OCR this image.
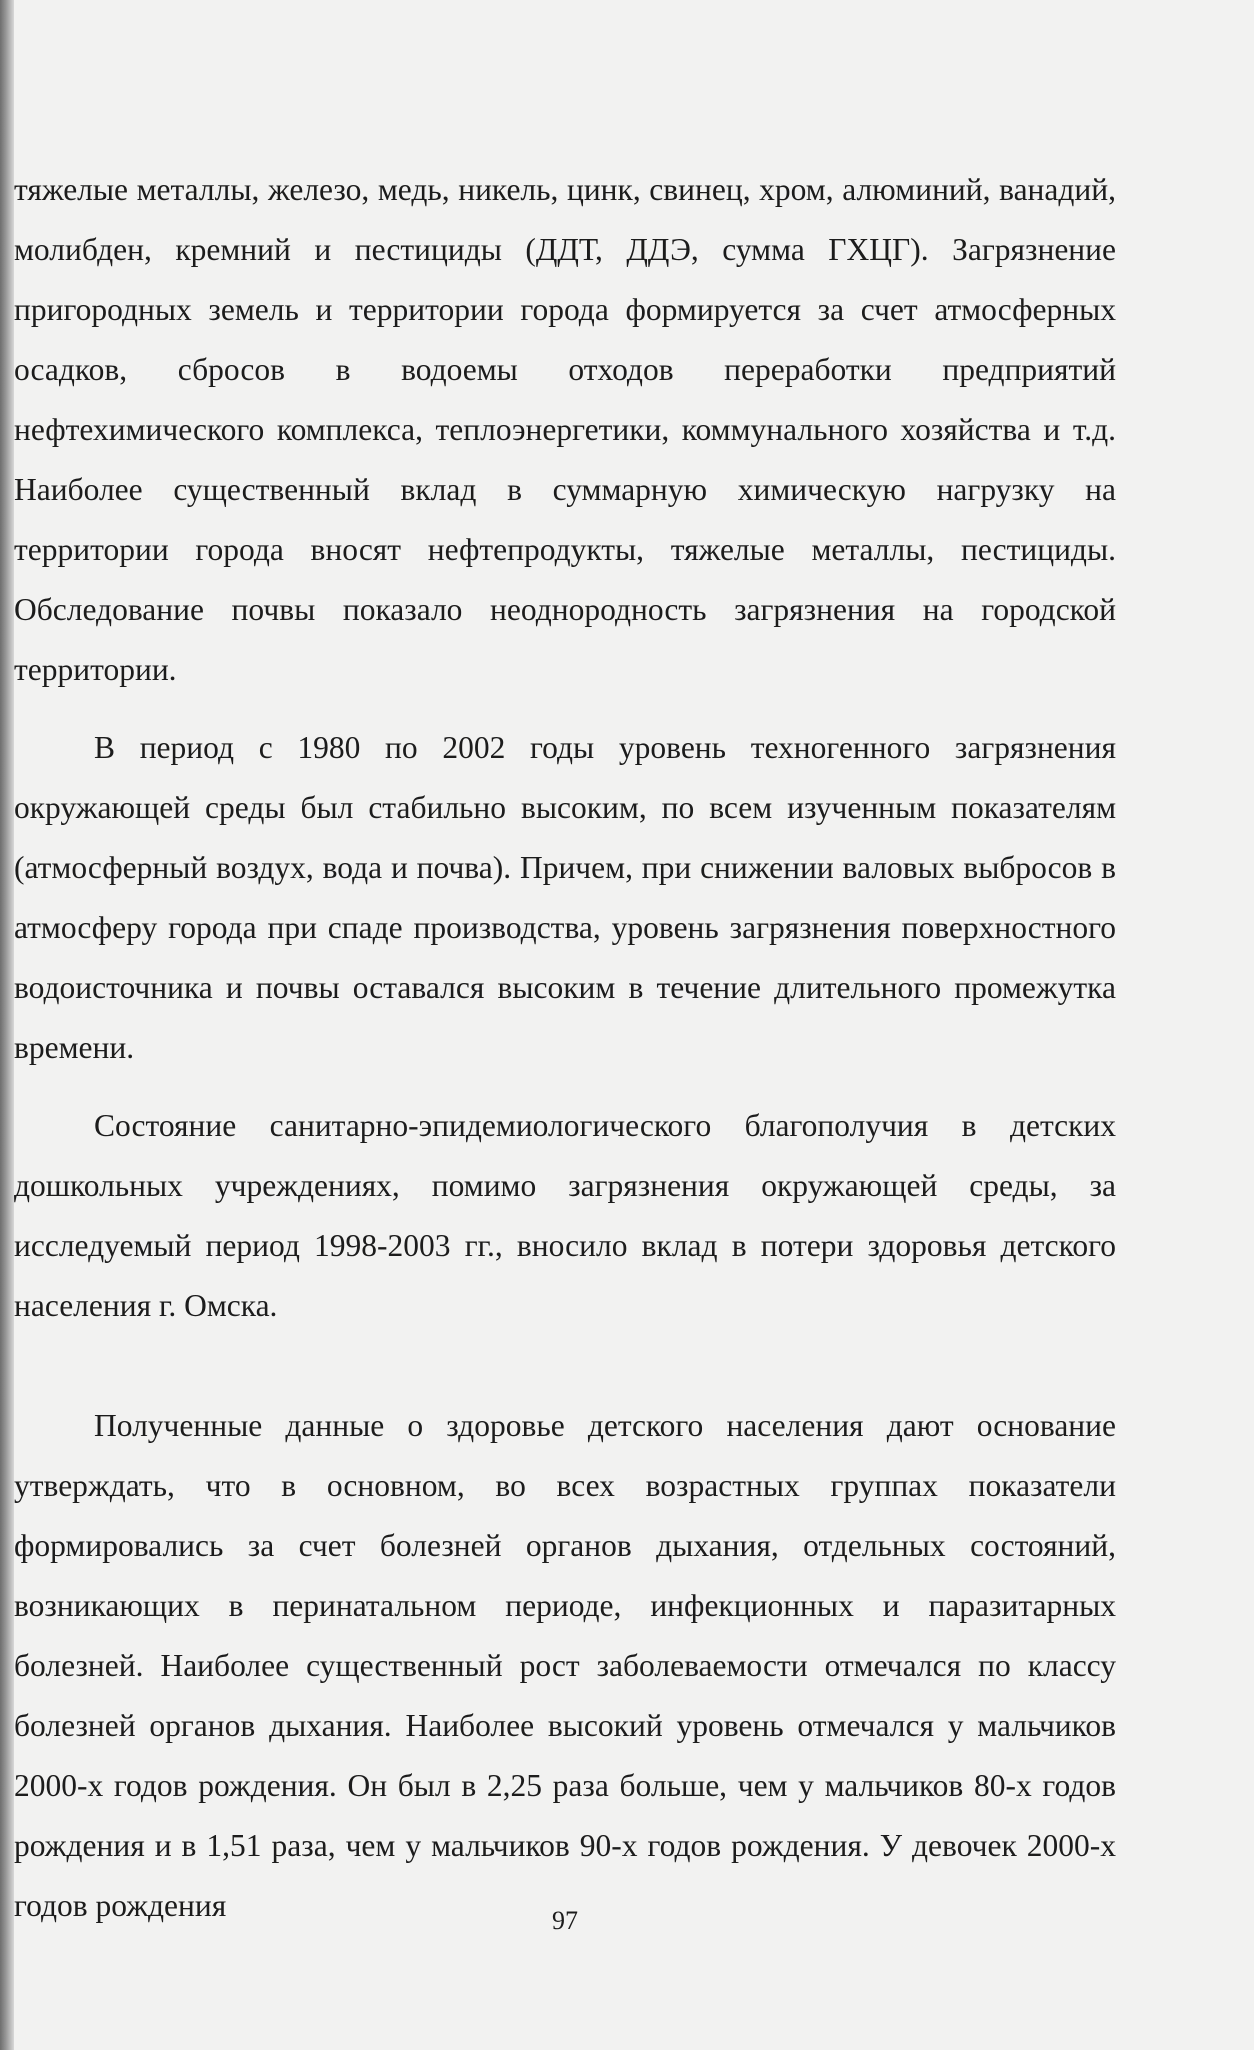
тяжелые металлы, железо, медь, никель, цинк, свинец, хром, алюминий, ванадий, молибден, кремний и пестициды (ДДТ, ДДЭ, сумма ГХЦГ). Загрязнение пригородных земель и территории города формируется за счет атмосферных осадков, сбросов в водоемы отходов переработки предприятий нефтехимического комплекса, теплоэнергетики, коммунального хозяйства и т.д. Наиболее существенный вклад в суммарную химическую нагрузку на территории города вносят нефтепродукты, тяжелые металлы, пестициды. Обследование почвы показало неоднородность загрязнения на городской территории.

В период с 1980 по 2002 годы уровень техногенного загрязнения окружающей среды был стабильно высоким, по всем изученным показателям (атмосферный воздух, вода и почва). Причем, при снижении валовых выбросов в атмосферу города при спаде производства, уровень загрязнения поверхностного водоисточника и почвы оставался высоким в течение длительного промежутка времени.

Состояние санитарно-эпидемиологического благополучия в детских дошкольных учреждениях, помимо загрязнения окружающей среды, за исследуемый период 1998-2003 гг., вносило вклад в потери здоровья детского населения г. Омска.

Полученные данные о здоровье детского населения дают основание утверждать, что в основном, во всех возрастных группах показатели формировались за счет болезней органов дыхания, отдельных состояний, возникающих в перинатальном периоде, инфекционных и паразитарных болезней. Наиболее существенный рост заболеваемости отмечался по классу болезней органов дыхания. Наиболее высокий уровень отмечался у мальчиков 2000-х годов рождения. Он был в 2,25 раза больше, чем у мальчиков 80-х годов рождения и в 1,51 раза, чем у мальчиков 90-х годов рождения. У девочек 2000-х годов рождения	97
